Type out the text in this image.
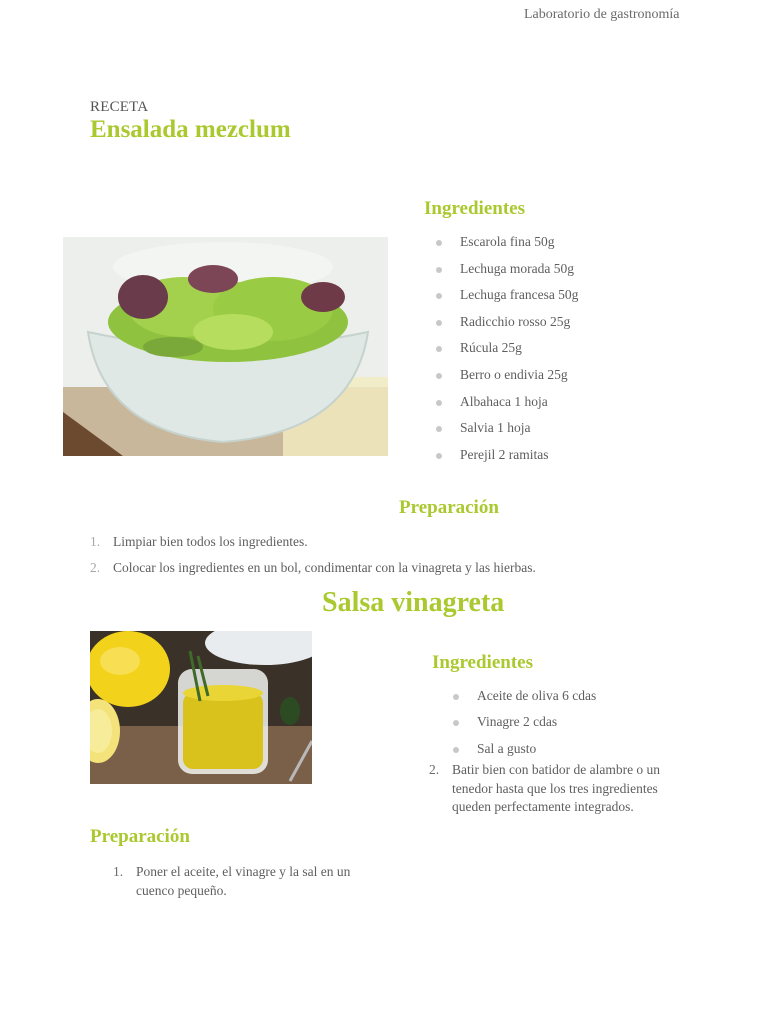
Laboratorio de gastronomía
RECETA
Ensalada mezclum
Ingredientes
Escarola fina 50g
Lechuga morada 50g
Lechuga francesa 50g
Radicchio rosso 25g
Rúcula 25g
Berro o endivia 25g
Albahaca 1 hoja
Salvia 1 hoja
Perejil 2 ramitas
Preparación
1. Limpiar bien todos los ingredientes.
2. Colocar los ingredientes en un bol, condimentar con la vinagreta y las hierbas.
Salsa vinagreta
Ingredientes
Aceite de oliva 6 cdas
Vinagre 2 cdas
Sal a gusto
2. Batir bien con batidor de alambre o un tenedor hasta que los tres ingredientes queden perfectamente integrados.
Preparación
1. Poner el aceite, el vinagre y la sal en un cuenco pequeño.
